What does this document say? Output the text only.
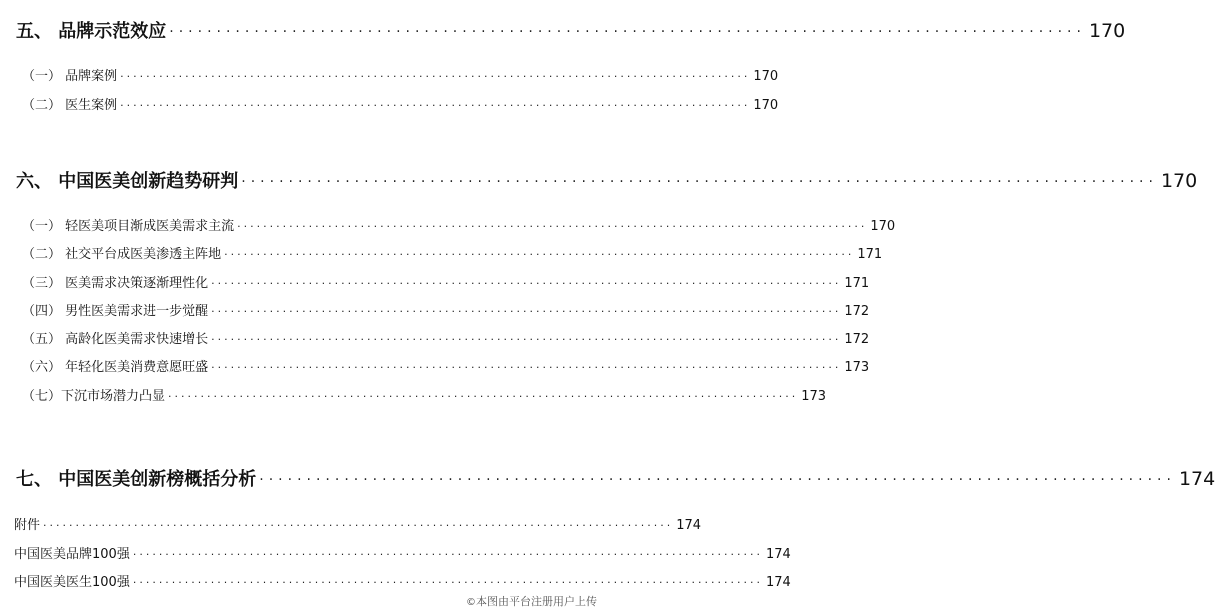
五、 品牌示范效应 ································································································· 170
（一） 品牌案例 ································································································· 170
（二） 医生案例 ································································································· 170
六、 中国医美创新趋势研判 ································································································· 170
（一） 轻医美项目渐成医美需求主流 ································································································· 170
（二） 社交平台成医美渗透主阵地 ································································································· 171
（三） 医美需求决策逐渐理性化 ································································································· 171
（四） 男性医美需求进一步觉醒 ································································································· 172
（五） 高龄化医美需求快速增长 ································································································· 172
（六） 年轻化医美消费意愿旺盛 ································································································· 173
（七）下沉市场潜力凸显 ································································································· 173
七、 中国医美创新榜概括分析 ································································································· 174
附件 ································································································· 174
中国医美品牌100强 ································································································· 174
中国医美医生100强 ································································································· 174
©本图由平台注册用户上传
